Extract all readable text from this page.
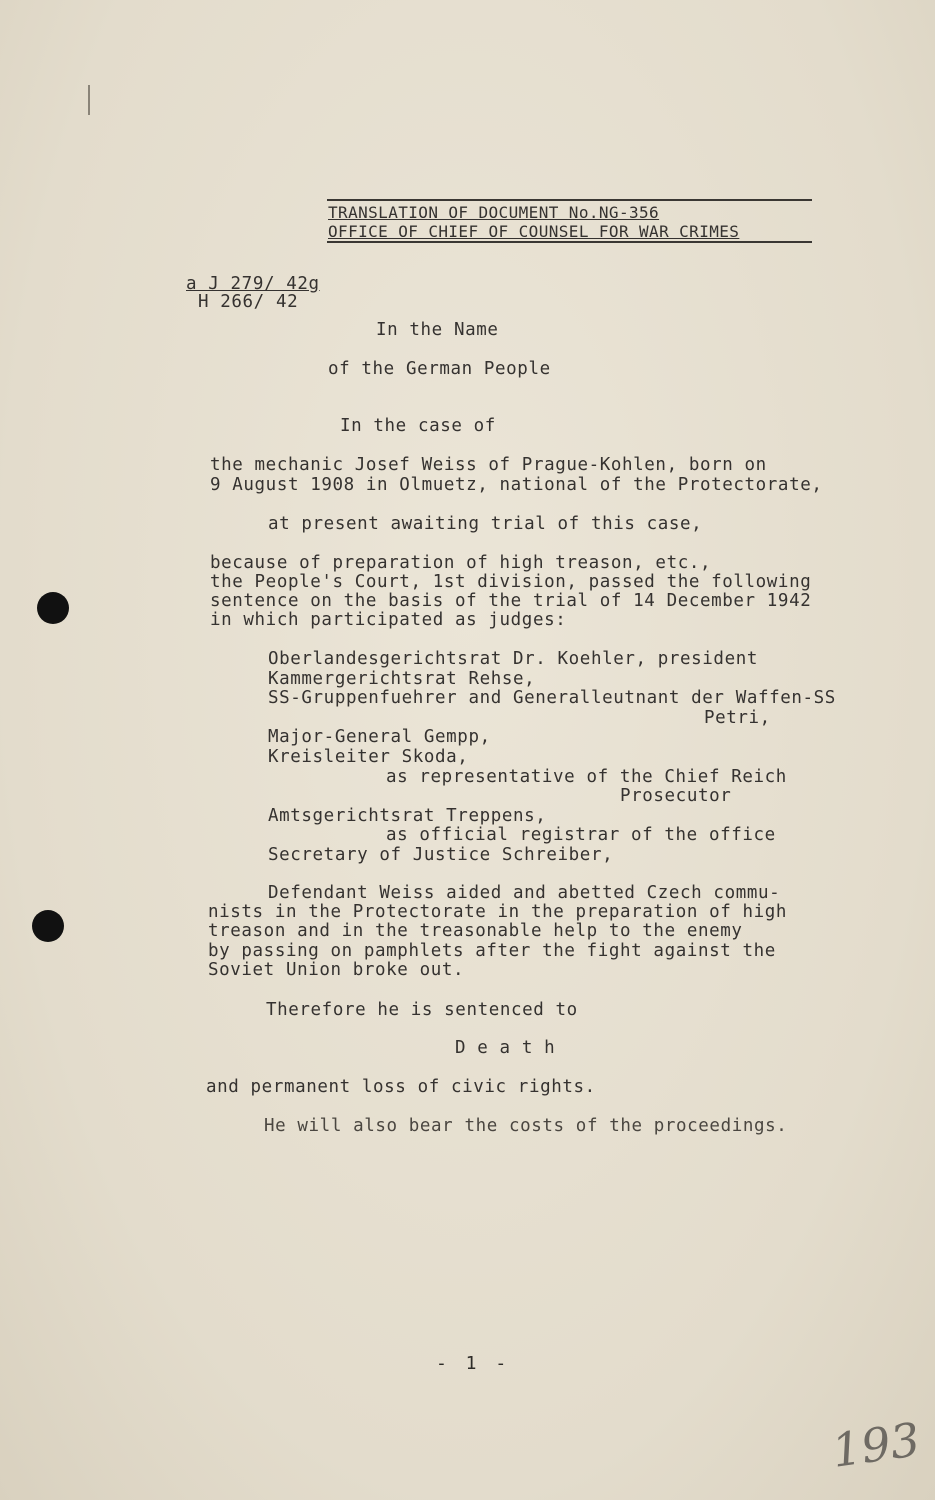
TRANSLATION OF DOCUMENT No.NG-356
OFFICE OF CHIEF OF COUNSEL FOR WAR CRIMES
a J 279/ 42g
H 266/ 42
In the Name
of the German People
In the case of
the mechanic Josef Weiss of Prague-Kohlen, born on
9 August 1908 in Olmuetz, national of the Protectorate,
at present awaiting trial of this case,
because of preparation of high treason, etc.,
the People's Court, 1st division, passed the following
sentence on the basis of the trial of 14 December 1942
in which participated as judges:
Oberlandesgerichtsrat Dr. Koehler, president
Kammergerichtsrat Rehse,
SS-Gruppenfuehrer and Generalleutnant der Waffen-SS
Petri,
Major-General Gempp,
Kreisleiter Skoda,
as representative of the Chief Reich
Prosecutor
Amtsgerichtsrat Treppens,
as official registrar of the office
Secretary of Justice Schreiber,
Defendant Weiss aided and abetted Czech commu-
nists in the Protectorate in the preparation of high
treason and in the treasonable help to the enemy
by passing on pamphlets after the fight against the
Soviet Union broke out.
Therefore he is sentenced to
D e a t h
and permanent loss of civic rights.
He will also bear the costs of the proceedings.
- 1 -
193
